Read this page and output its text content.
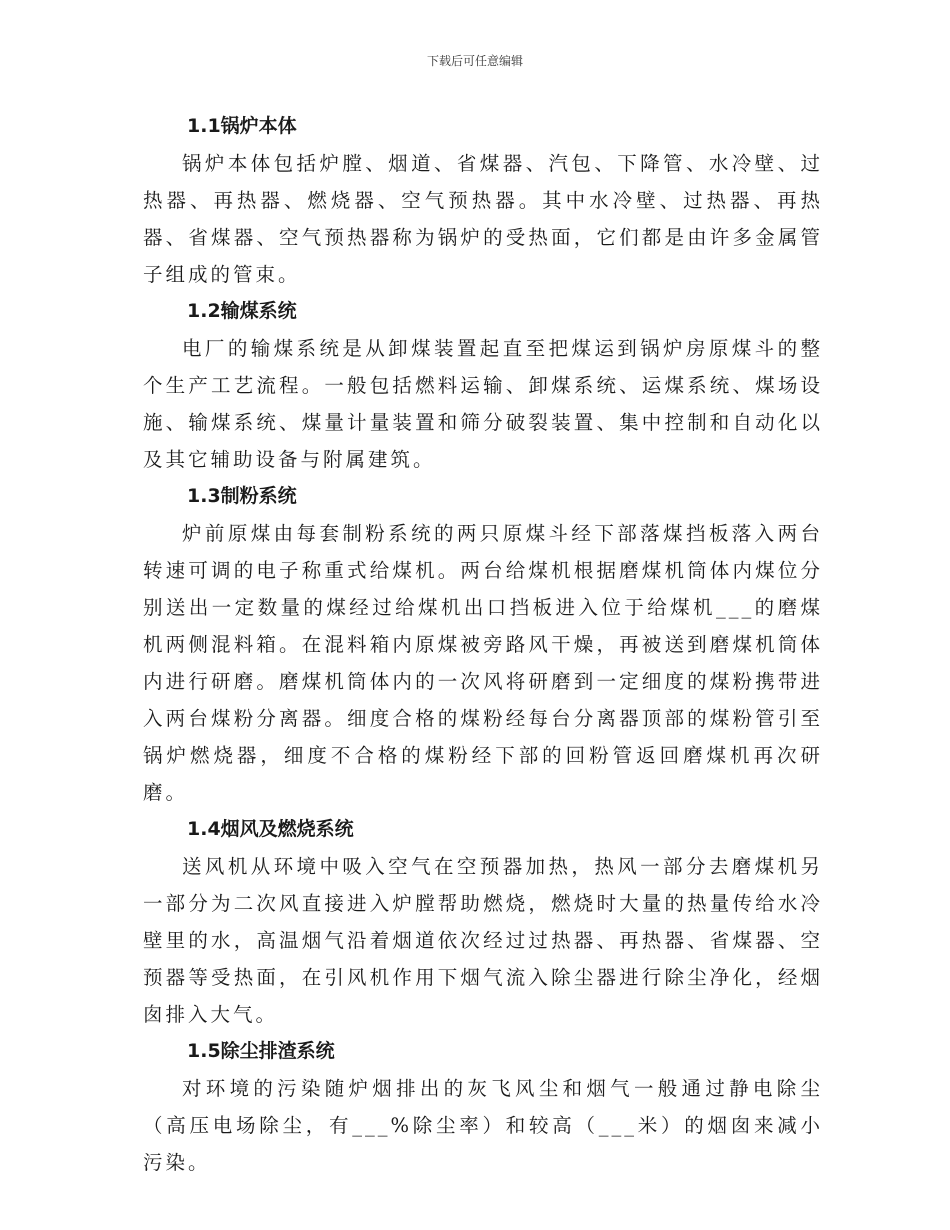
下载后可任意编辑

1.1锅炉本体

锅炉本体包括炉膛、烟道、省煤器、汽包、下降管、水冷壁、过热器、再热器、燃烧器、空气预热器。其中水冷壁、过热器、再热器、省煤器、空气预热器称为锅炉的受热面，它们都是由许多金属管子组成的管束。

1.2输煤系统

电厂的输煤系统是从卸煤装置起直至把煤运到锅炉房原煤斗的整个生产工艺流程。一般包括燃料运输、卸煤系统、运煤系统、煤场设施、输煤系统、煤量计量装置和筛分破裂装置、集中控制和自动化以及其它辅助设备与附属建筑。

1.3制粉系统

炉前原煤由每套制粉系统的两只原煤斗经下部落煤挡板落入两台转速可调的电子称重式给煤机。两台给煤机根据磨煤机筒体内煤位分别送出一定数量的煤经过给煤机出口挡板进入位于给煤机___的磨煤机两侧混料箱。在混料箱内原煤被旁路风干燥，再被送到磨煤机筒体内进行研磨。磨煤机筒体内的一次风将研磨到一定细度的煤粉携带进入两台煤粉分离器。细度合格的煤粉经每台分离器顶部的煤粉管引至锅炉燃烧器，细度不合格的煤粉经下部的回粉管返回磨煤机再次研磨。

1.4烟风及燃烧系统

送风机从环境中吸入空气在空预器加热，热风一部分去磨煤机另一部分为二次风直接进入炉膛帮助燃烧，燃烧时大量的热量传给水冷壁里的水，高温烟气沿着烟道依次经过过热器、再热器、省煤器、空预器等受热面，在引风机作用下烟气流入除尘器进行除尘净化，经烟囱排入大气。

1.5除尘排渣系统

对环境的污染随炉烟排出的灰飞风尘和烟气一般通过静电除尘（高压电场除尘，有___%除尘率）和较高（___米）的烟囱来减小污染。
